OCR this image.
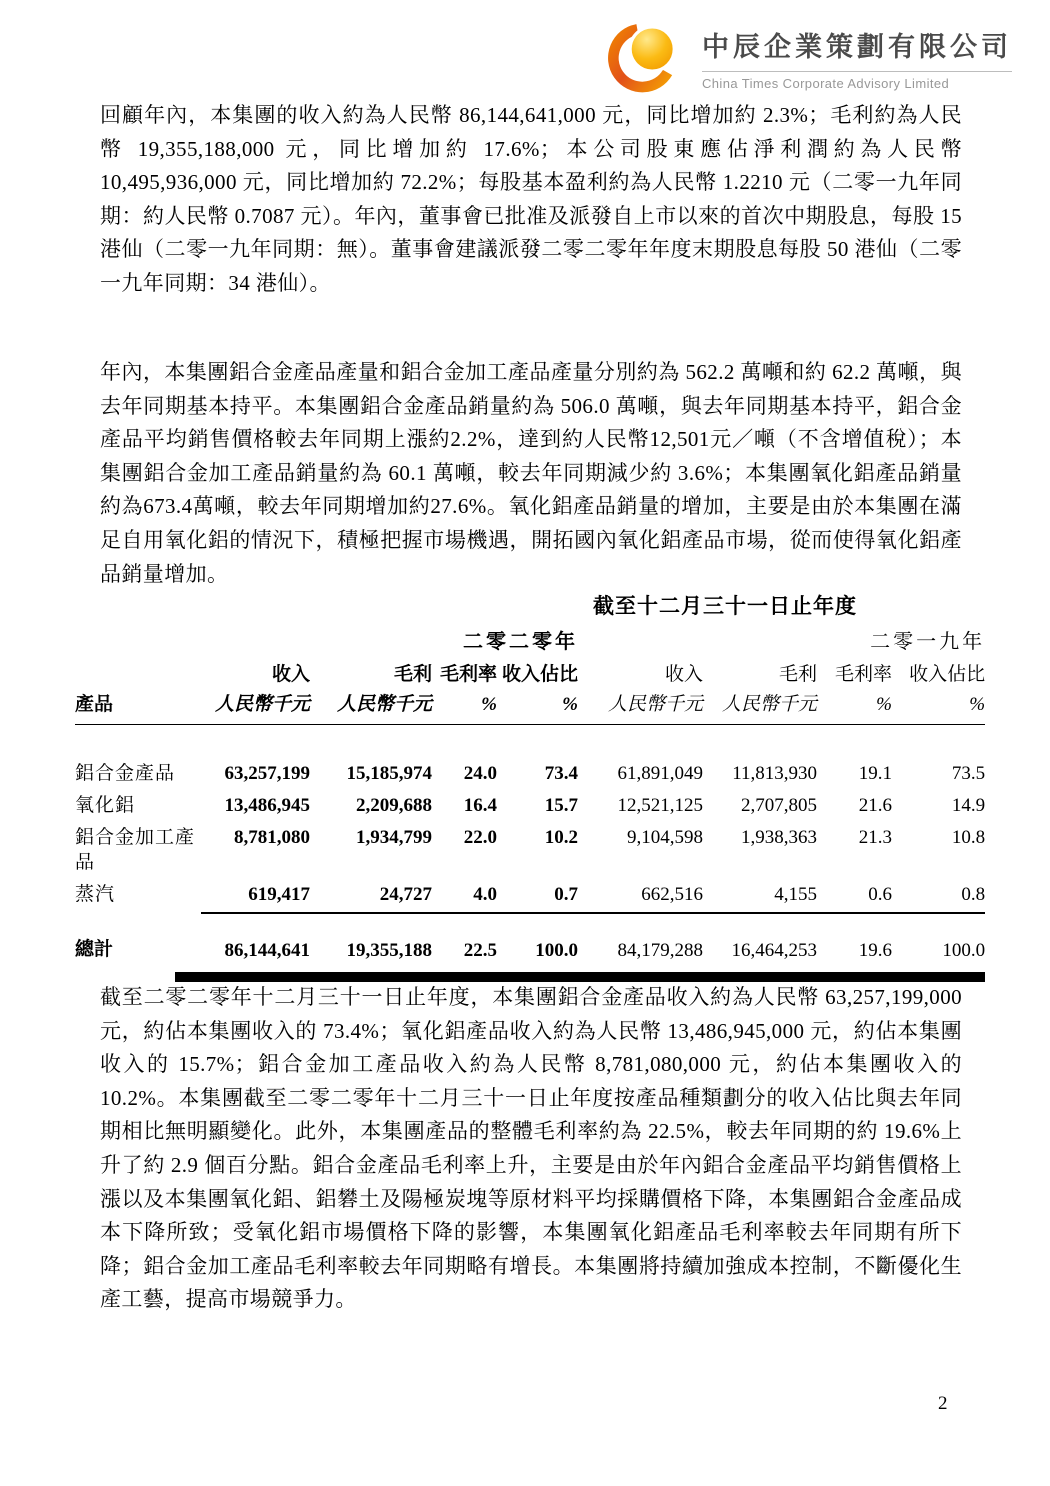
中辰企業策劃有限公司
China Times Corporate Advisory Limited
回顧年內，本集團的收入約為人民幣 86,144,641,000 元，同比增加約 2.3%；毛利約為人民幣 19,355,188,000 元，同比增加約 17.6%；本公司股東應佔淨利潤約為人民幣 10,495,936,000 元，同比增加約 72.2%；每股基本盈利約為人民幣 1.2210 元（二零一九年同期：約人民幣 0.7087 元）。年內，董事會已批准及派發自上市以來的首次中期股息，每股 15 港仙（二零一九年同期：無）。董事會建議派發二零二零年年度末期股息每股 50 港仙（二零一九年同期：34 港仙）。
年內，本集團鋁合金產品產量和鋁合金加工產品產量分別約為 562.2 萬噸和約 62.2 萬噸，與去年同期基本持平。本集團鋁合金產品銷量約為 506.0 萬噸，與去年同期基本持平，鋁合金產品平均銷售價格較去年同期上漲約2.2%，達到約人民幣12,501元／噸（不含增值稅）；本集團鋁合金加工產品銷量約為 60.1 萬噸，較去年同期減少約 3.6%；本集團氧化鋁產品銷量約為673.4萬噸，較去年同期增加約27.6%。氧化鋁產品銷量的增加，主要是由於本集團在滿足自用氧化鋁的情況下，積極把握市場機遇，開拓國內氧化鋁產品市場，從而使得氧化鋁產品銷量增加。
截至十二月三十一日止年度								
	二零二零年				二零一九年			
	收入	毛利	毛利率	收入佔比	收入	毛利	毛利率	收入佔比
產品	人民幣千元	人民幣千元	%	%	人民幣千元	人民幣千元	%	%
鋁合金產品	63,257,199	15,185,974	24.0	73.4	61,891,049	11,813,930	19.1	73.5
氧化鋁	13,486,945	2,209,688	16.4	15.7	12,521,125	2,707,805	21.6	14.9
鋁合金加工產品	8,781,080	1,934,799	22.0	10.2	9,104,598	1,938,363	21.3	10.8
蒸汽	619,417	24,727	4.0	0.7	662,516	4,155	0.6	0.8
總計	86,144,641	19,355,188	22.5	100.0	84,179,288	16,464,253	19.6	100.0

截至二零二零年十二月三十一日止年度，本集團鋁合金產品收入約為人民幣 63,257,199,000 元，約佔本集團收入的 73.4%；氧化鋁產品收入約為人民幣 13,486,945,000 元，約佔本集團收入的 15.7%；鋁合金加工產品收入約為人民幣 8,781,080,000 元，約佔本集團收入的 10.2%。本集團截至二零二零年十二月三十一日止年度按產品種類劃分的收入佔比與去年同期相比無明顯變化。此外，本集團產品的整體毛利率約為 22.5%，較去年同期的約 19.6%上升了約 2.9 個百分點。鋁合金產品毛利率上升，主要是由於年內鋁合金產品平均銷售價格上漲以及本集團氧化鋁、鋁礬土及陽極炭塊等原材料平均採購價格下降，本集團鋁合金產品成本下降所致；受氧化鋁市場價格下降的影響，本集團氧化鋁產品毛利率較去年同期有所下降；鋁合金加工產品毛利率較去年同期略有增長。本集團將持續加強成本控制，不斷優化生產工藝，提高市場競爭力。
2
